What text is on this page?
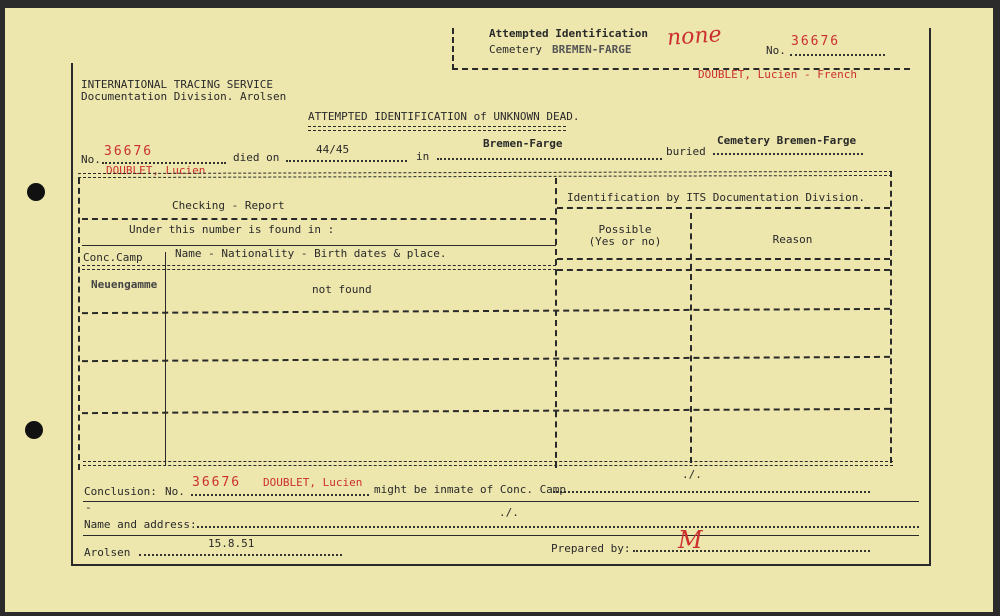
Attempted Identification
Cemetery BREMEN-FARGE none	No.
36676
DOUBLET, Lucien - French
INTERNATIONAL TRACING SERVICE
Documentation Division. Arolsen
ATTEMPTED IDENTIFICATION of UNKNOWN DEAD.
No.
36676	died on
44/45
in
Bremen-Farge
buried
Cemetery Bremen-Farge
DOUBLET, Lucien
Checking - Report
Under this number is found in :
Conc.Camp	Name - Nationality - Birth dates & place.
Identification by ITS Documentation Division.
Possible
(Yes or no)	Reason
Neuengamme	not found
./.
Conclusion: No.
36676 DOUBLET, Lucien
might be inmate of Conc. Camp
-	./.
Name and address:
15.8.51
Arolsen	Prepared by: M
